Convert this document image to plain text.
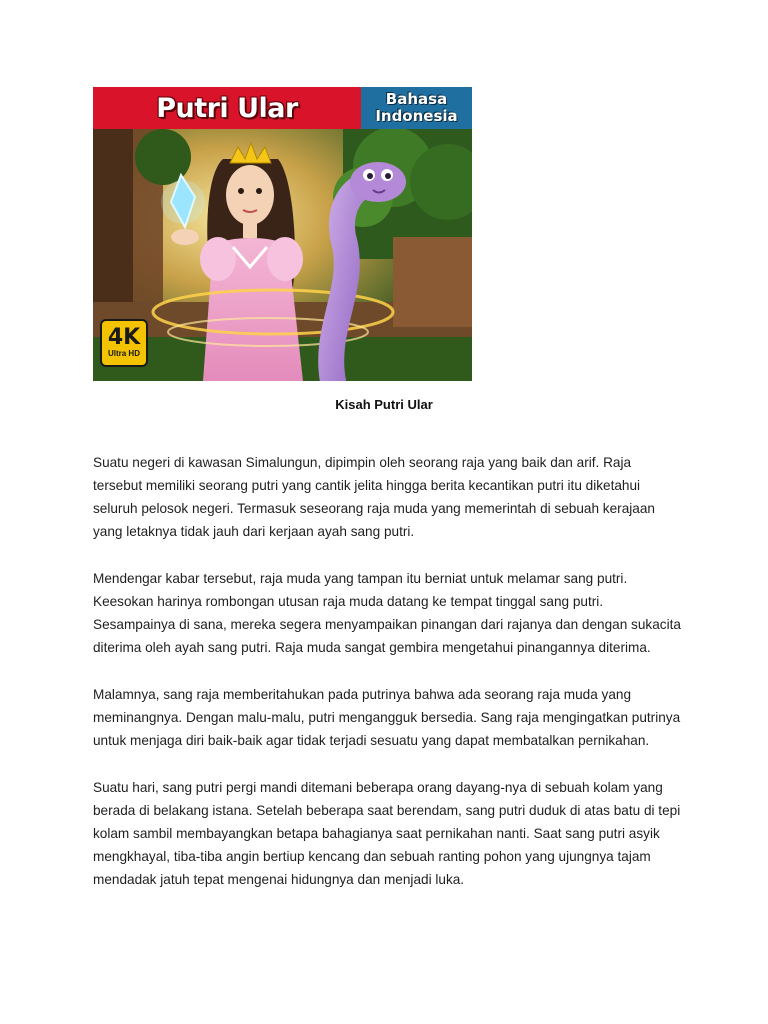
Putri Ular	Bahasa
Indonesia
4K
Ultra HD
Kisah Putri Ular

Suatu negeri di kawasan Simalungun, dipimpin oleh seorang raja yang baik dan arif. Raja tersebut memiliki seorang putri yang cantik jelita hingga berita kecantikan putri itu diketahui seluruh pelosok negeri. Termasuk seseorang raja muda yang memerintah di sebuah kerajaan yang letaknya tidak jauh dari kerjaan ayah sang putri.

Mendengar kabar tersebut, raja muda yang tampan itu berniat untuk melamar sang putri. Keesokan harinya rombongan utusan raja muda datang ke tempat tinggal sang putri. Sesampainya di sana, mereka segera menyampaikan pinangan dari rajanya dan dengan sukacita diterima oleh ayah sang putri. Raja muda sangat gembira mengetahui pinangannya diterima.

Malamnya, sang raja memberitahukan pada putrinya bahwa ada seorang raja muda yang meminangnya. Dengan malu-malu, putri mengangguk bersedia. Sang raja mengingatkan putrinya untuk menjaga diri baik-baik agar tidak terjadi sesuatu yang dapat membatalkan pernikahan.

Suatu hari, sang putri pergi mandi ditemani beberapa orang dayang-nya di sebuah kolam yang berada di belakang istana. Setelah beberapa saat berendam, sang putri duduk di atas batu di tepi kolam sambil membayangkan betapa bahagianya saat pernikahan nanti. Saat sang putri asyik mengkhayal, tiba-tiba angin bertiup kencang dan sebuah ranting pohon yang ujungnya tajam mendadak jatuh tepat mengenai hidungnya dan menjadi luka.
